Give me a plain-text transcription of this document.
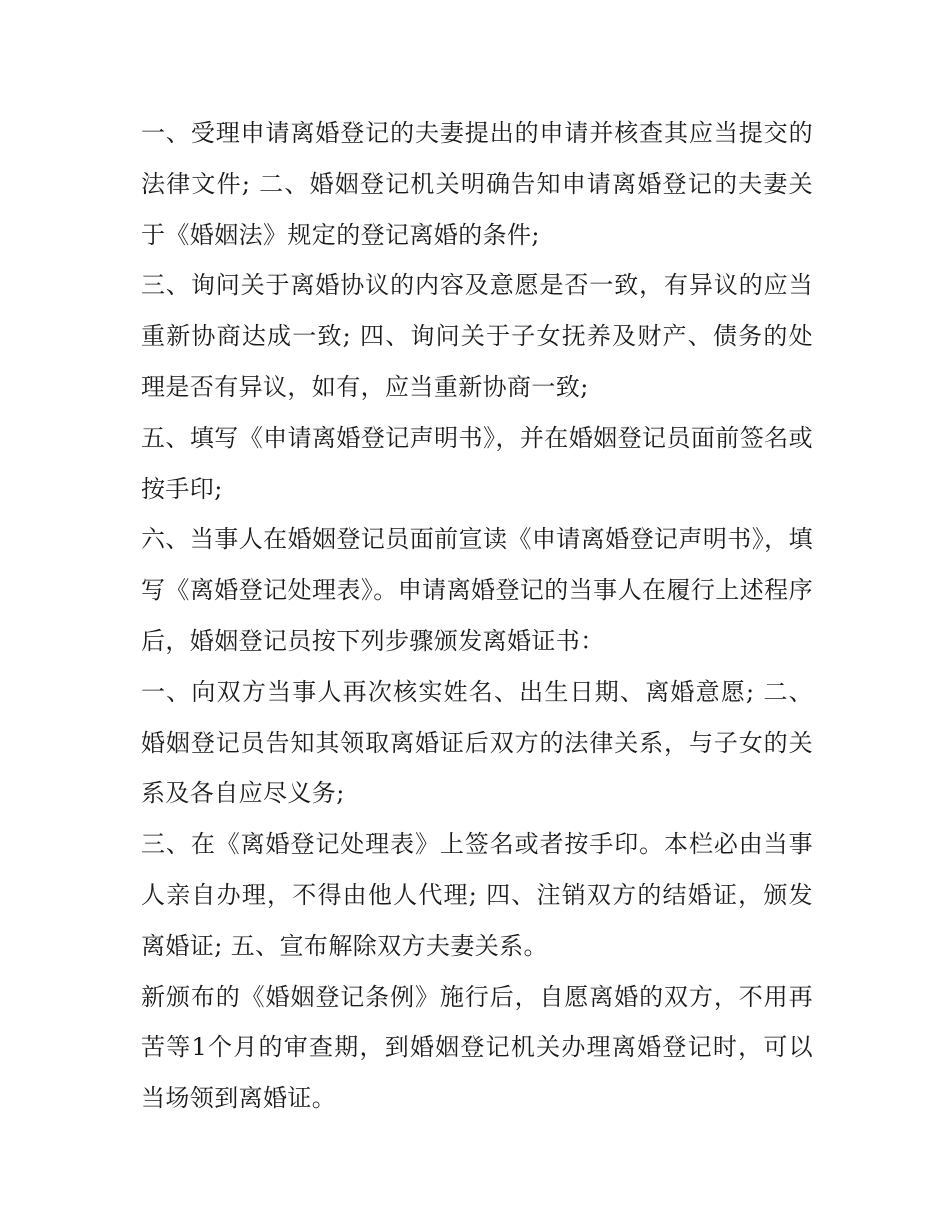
一、受理申请离婚登记的夫妻提出的申请并核查其应当提交的法律文件; 二、婚姻登记机关明确告知申请离婚登记的夫妻关于《婚姻法》规定的登记离婚的条件;

三、询问关于离婚协议的内容及意愿是否一致，有异议的应当重新协商达成一致; 四、询问关于子女抚养及财产、债务的处理是否有异议，如有，应当重新协商一致;

五、填写《申请离婚登记声明书》，并在婚姻登记员面前签名或按手印;

六、当事人在婚姻登记员面前宣读《申请离婚登记声明书》，填写《离婚登记处理表》。申请离婚登记的当事人在履行上述程序后，婚姻登记员按下列步骤颁发离婚证书：

一、向双方当事人再次核实姓名、出生日期、离婚意愿; 二、婚姻登记员告知其领取离婚证后双方的法律关系，与子女的关系及各自应尽义务;

三、在《离婚登记处理表》上签名或者按手印。本栏必由当事人亲自办理，不得由他人代理; 四、注销双方的结婚证，颁发离婚证; 五、宣布解除双方夫妻关系。

新颁布的《婚姻登记条例》施行后，自愿离婚的双方，不用再苦等1个月的审查期，到婚姻登记机关办理离婚登记时，可以当场领到离婚证。
